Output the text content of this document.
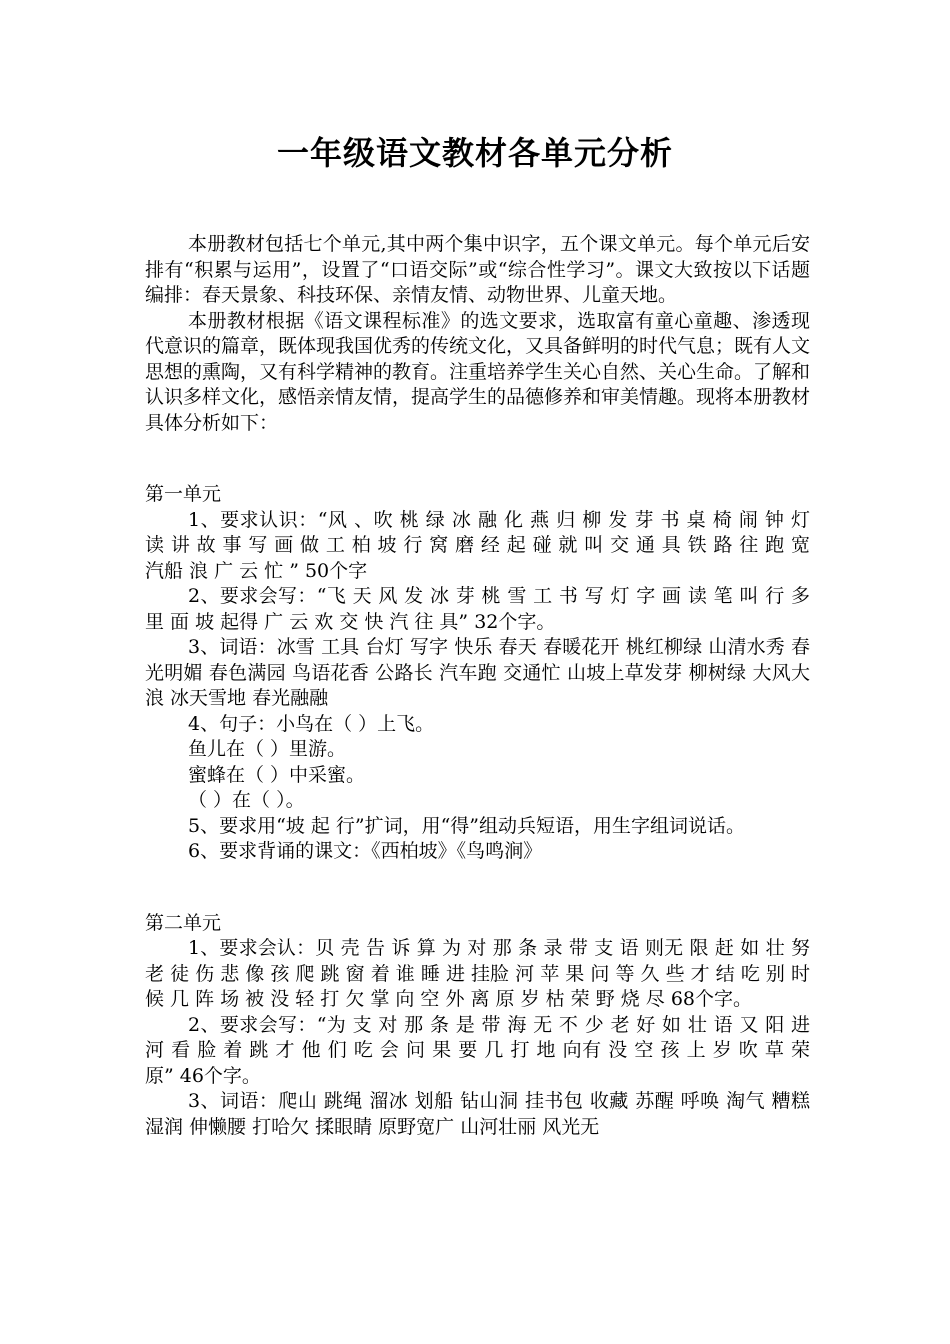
一年级语文教材各单元分析

本册教材包括七个单元,其中两个集中识字，五个课文单元。每个单元后安排有“积累与运用”，设置了“口语交际”或“综合性学习”。课文大致按以下话题编排：春天景象、科技环保、亲情友情、动物世界、儿童天地。

本册教材根据《语文课程标准》的选文要求，选取富有童心童趣、渗透现代意识的篇章，既体现我国优秀的传统文化，又具备鲜明的时代气息；既有人文思想的熏陶，又有科学精神的教育。注重培养学生关心自然、关心生命。了解和认识多样文化，感悟亲情友情，提高学生的品德修养和审美情趣。现将本册教材具体分析如下：

第一单元

1、要求认识：“风 、吹 桃 绿 冰 融 化 燕 归 柳 发 芽 书 桌 椅 闹 钟 灯 读 讲 故 事 写 画 做 工 柏 坡 行 窝 磨 经 起 碰 就 叫 交 通 具 铁 路 往 跑 宽 汽船 浪 广 云 忙 ” 50个字

2、要求会写：“飞 天 风 发 冰 芽 桃 雪 工 书 写 灯 字 画 读 笔 叫 行 多 里 面 坡 起得 广 云 欢 交 快 汽 往 具” 32个字。

3、词语：冰雪 工具 台灯 写字 快乐 春天 春暖花开 桃红柳绿 山清水秀 春光明媚 春色满园 鸟语花香 公路长 汽车跑 交通忙 山坡上草发芽 柳树绿 大风大浪 冰天雪地 春光融融

4、句子：小鸟在（ ）上飞。

鱼儿在（ ）里游。

蜜蜂在（ ）中采蜜。

（ ）在（ ）。

5、要求用“坡 起 行”扩词，用“得”组动兵短语，用生字组词说话。

6、要求背诵的课文：《西柏坡》《鸟鸣涧》

第二单元

1、要求会认：贝 壳 告 诉 算 为 对 那 条 录 带 支 语 则无 限 赶 如 壮 努 老 徒 伤 悲 像 孩 爬 跳 窗 着 谁 睡 进 挂脸 河 苹 果 问 等 久 些 才 结 吃 别 时 候 几 阵 场 被 没 轻 打 欠 掌 向 空 外 离 原 岁 枯 荣 野 烧 尽 68个字。

2、要求会写：“为 支 对 那 条 是 带 海 无 不 少 老 好 如 壮 语 又 阳 进 河 看 脸 着 跳 才 他 们 吃 会 问 果 要 几 打 地 向有 没 空 孩 上 岁 吹 草 荣 原” 46个字。

3、词语：爬山 跳绳 溜冰 划船 钻山洞 挂书包 收藏 苏醒 呼唤 淘气 糟糕 湿润 伸懒腰 打哈欠 揉眼睛 原野宽广 山河壮丽 风光无
